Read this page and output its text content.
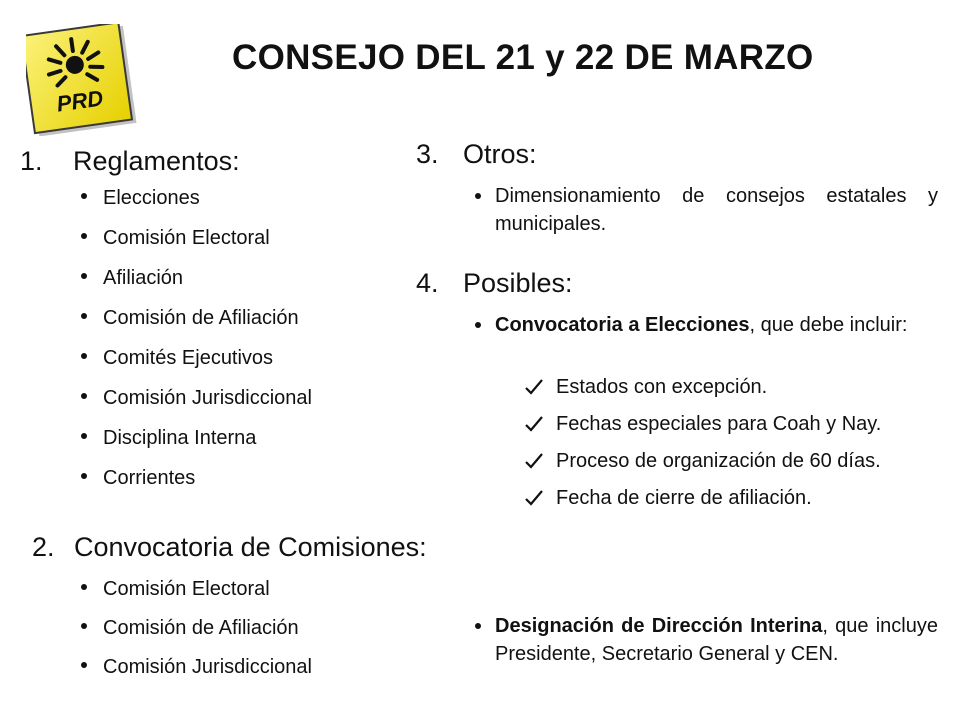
PRD
CONSEJO DEL 21 y 22 DE MARZO
1. Reglamentos:
Elecciones
Comisión Electoral
Afiliación
Comisión de Afiliación
Comités Ejecutivos
Comisión Jurisdiccional
Disciplina Interna
Corrientes
2. Convocatoria de Comisiones:
Comisión Electoral
Comisión de Afiliación
Comisión Jurisdiccional
3. Otros:
Dimensionamiento de consejos estatales y municipales.
4. Posibles:
Convocatoria a Elecciones, que debe incluir:
Estados con excepción.
Fechas especiales para Coah y Nay.
Proceso de organización de 60 días.
Fecha de cierre de afiliación.
Designación de Dirección Interina, que incluye Presidente, Secretario General y CEN.
